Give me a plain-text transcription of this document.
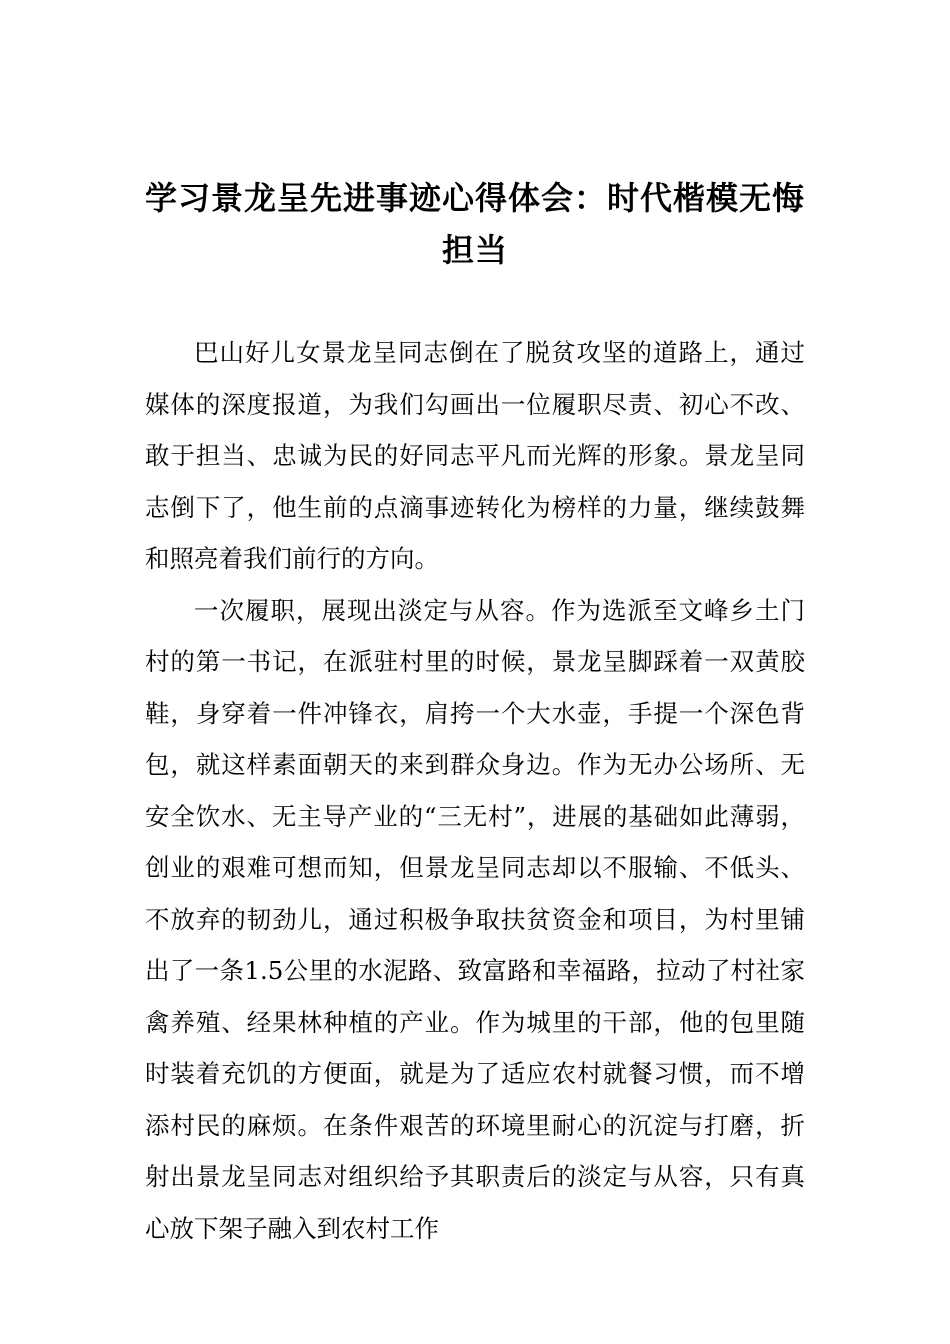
学习景龙呈先进事迹心得体会：时代楷模无悔担当

巴山好儿女景龙呈同志倒在了脱贫攻坚的道路上，通过媒体的深度报道，为我们勾画出一位履职尽责、初心不改、敢于担当、忠诚为民的好同志平凡而光辉的形象。景龙呈同志倒下了，他生前的点滴事迹转化为榜样的力量，继续鼓舞和照亮着我们前行的方向。

一次履职，展现出淡定与从容。作为选派至文峰乡土门村的第一书记，在派驻村里的时候，景龙呈脚踩着一双黄胶鞋，身穿着一件冲锋衣，肩挎一个大水壶，手提一个深色背包，就这样素面朝天的来到群众身边。作为无办公场所、无安全饮水、无主导产业的“三无村”，进展的基础如此薄弱，创业的艰难可想而知，但景龙呈同志却以不服输、不低头、不放弃的韧劲儿，通过积极争取扶贫资金和项目，为村里铺出了一条1.5公里的水泥路、致富路和幸福路，拉动了村社家禽养殖、经果林种植的产业。作为城里的干部，他的包里随时装着充饥的方便面，就是为了适应农村就餐习惯，而不增添村民的麻烦。在条件艰苦的环境里耐心的沉淀与打磨，折射出景龙呈同志对组织给予其职责后的淡定与从容，只有真心放下架子融入到农村工作
